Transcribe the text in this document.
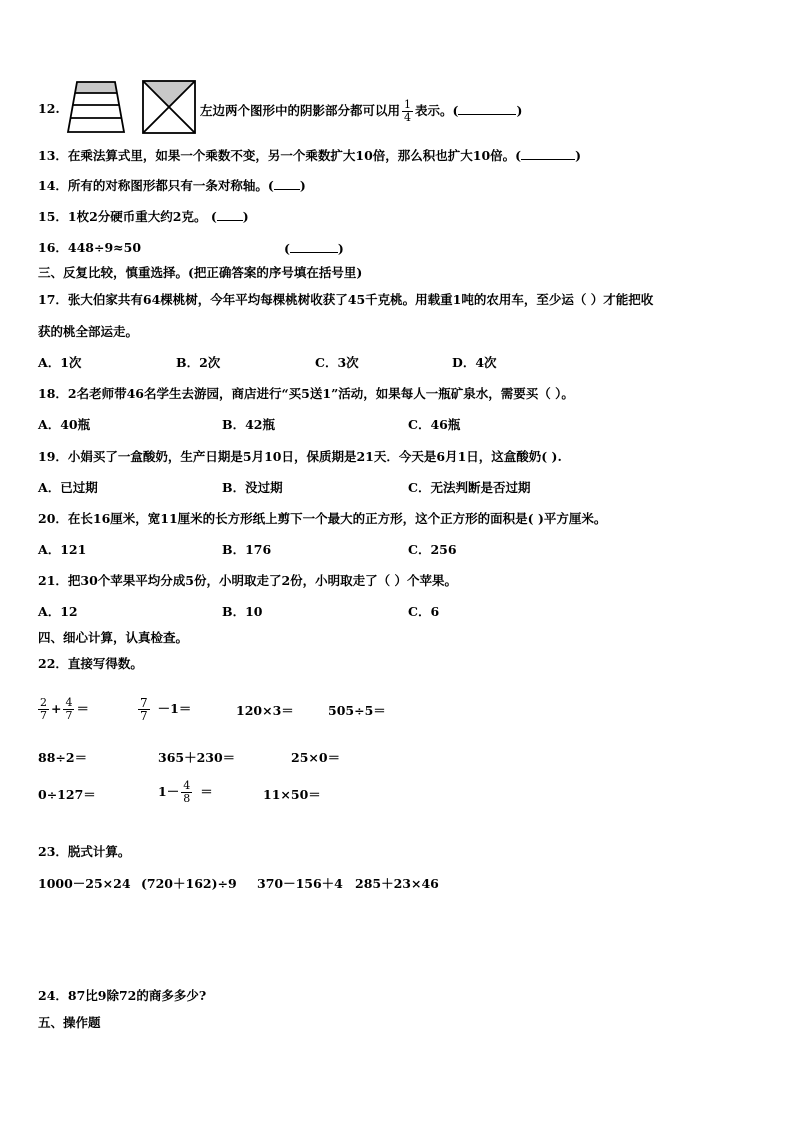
12.	左边两个图形中的阴影部分都可以用 $\frac{1}{4}$ 表示。(	)
13．在乘法算式里，如果一个乘数不变，另一个乘数扩大10倍，那么积也扩大10倍。(	)
14．所有的对称图形都只有一条对称轴。( )
15．1枚2分硬币重大约2克。 ( )
16．448÷9≈50	(	)
三、反复比较，慎重选择。(把正确答案的序号填在括号里)
17．张大伯家共有64棵桃树，今年平均每棵桃树收获了45千克桃。用载重1吨的农用车，至少运（ ）才能把收
获的桃全部运走。
A．1次	B．2次	C．3次	D．4次
18．2名老师带46名学生去游园，商店进行“买5送1”活动，如果每人一瓶矿泉水，需要买（ ）。
A．40瓶	B．42瓶	C．46瓶
19．小娟买了一盒酸奶，生产日期是5月10日，保质期是21天．今天是6月1日，这盒酸奶( ).
A．已过期	B．没过期	C．无法判断是否过期
20．在长16厘米，宽11厘米的长方形纸上剪下一个最大的正方形，这个正方形的面积是( )平方厘米。
A．121	B．176	C．256
21．把30个苹果平均分成5份，小明取走了2份，小明取走了（ ）个苹果。
A．12	B．10	C．6
四、细心计算，认真检查。
22．直接写得数。
$\frac{2}{7} + \frac{4}{7}$ ＝	$\frac{7}{7} -1=$	120×3＝	505÷5＝
88÷2＝	365＋230＝	25×0＝
0÷127＝	$1- \frac{4}{8}$ ＝	11×50＝
23．脱式计算。
1000－25×24 (720＋162)÷9 370－156＋4 285＋23×46
24．87比9除72的商多多少?
五、操作题
